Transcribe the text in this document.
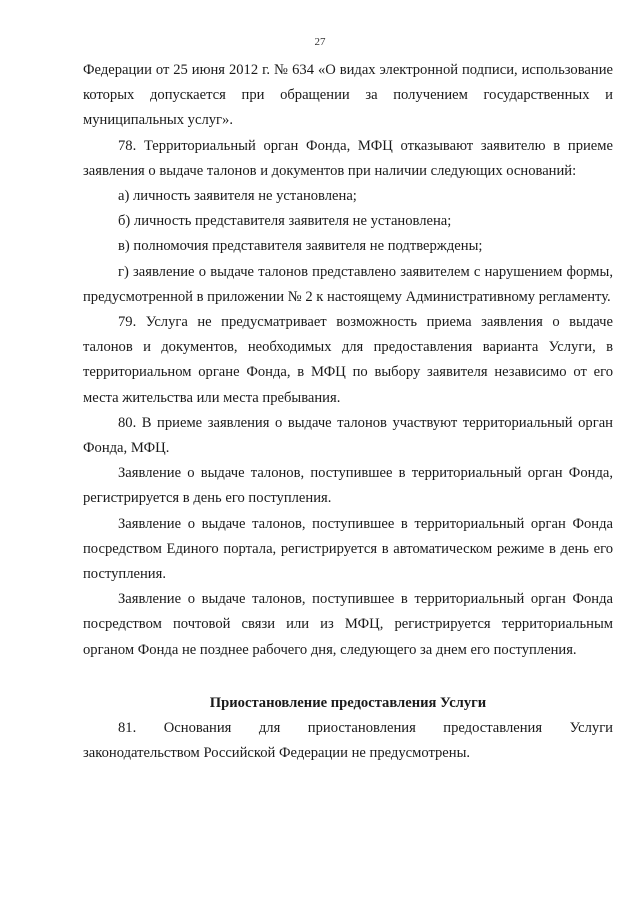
27

Федерации от 25 июня 2012 г. № 634 «О видах электронной подписи, использование которых допускается при обращении за получением государственных и муниципальных услуг».

78. Территориальный орган Фонда, МФЦ отказывают заявителю в приеме заявления о выдаче талонов и документов при наличии следующих оснований:

а) личность заявителя не установлена;

б) личность представителя заявителя не установлена;

в) полномочия представителя заявителя не подтверждены;

г) заявление о выдаче талонов представлено заявителем с нарушением формы, предусмотренной в приложении № 2 к настоящему Административному регламенту.

79. Услуга не предусматривает возможность приема заявления о выдаче талонов и документов, необходимых для предоставления варианта Услуги, в территориальном органе Фонда, в МФЦ по выбору заявителя независимо от его места жительства или места пребывания.

80. В приеме заявления о выдаче талонов участвуют территориальный орган Фонда, МФЦ.

Заявление о выдаче талонов, поступившее в территориальный орган Фонда, регистрируется в день его поступления.

Заявление о выдаче талонов, поступившее в территориальный орган Фонда посредством Единого портала, регистрируется в автоматическом режиме в день его поступления.

Заявление о выдаче талонов, поступившее в территориальный орган Фонда посредством почтовой связи или из МФЦ, регистрируется территориальным органом Фонда не позднее рабочего дня, следующего за днем его поступления.

Приостановление предоставления Услуги

81. Основания для приостановления предоставления Услуги

законодательством Российской Федерации не предусмотрены.
